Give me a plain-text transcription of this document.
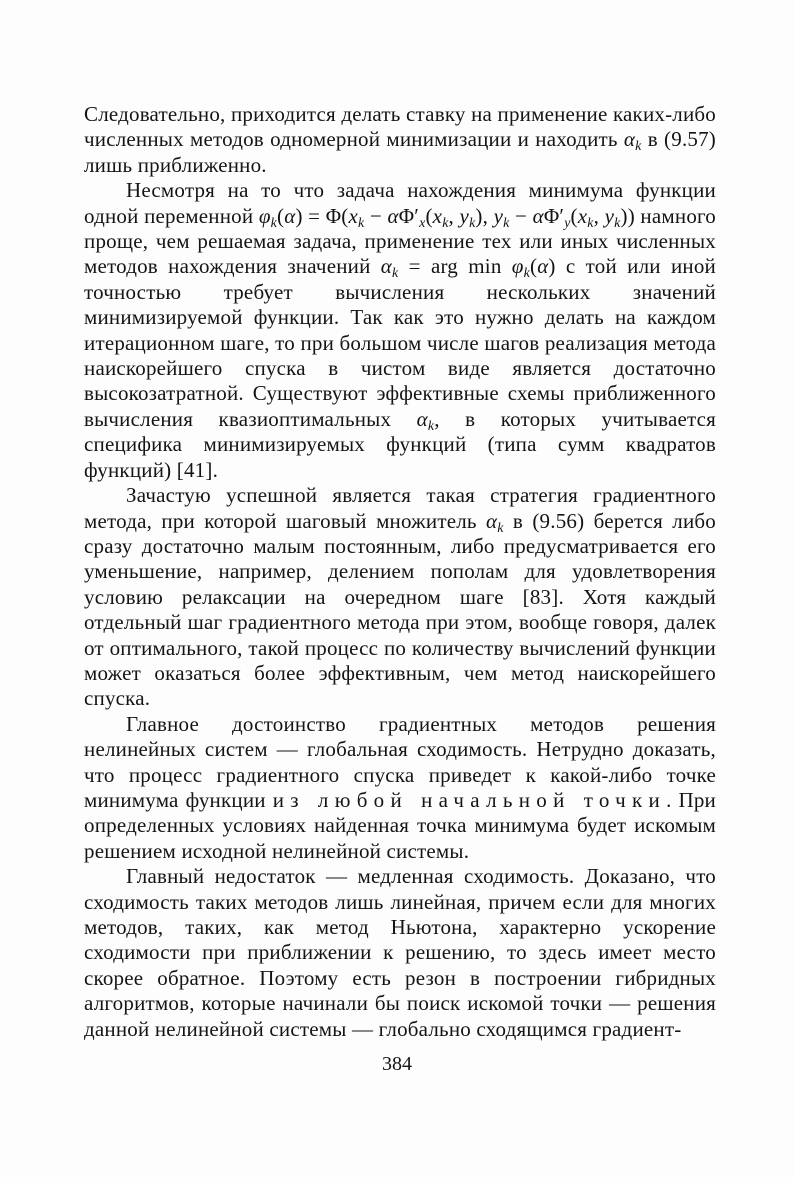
Следовательно, приходится делать ставку на применение каких-либо численных методов одномерной минимизации и находить $\alpha_k$ в (9.57) лишь приближенно.

Несмотря на то что задача нахождения минимума функции одной переменной $\varphi_k(\alpha) = \Phi(x_k - \alpha\Phi'_x(x_k$, $y_k$), $y_k - \alpha\Phi'_y(x_k$, $y_k$)) намного проще, чем решаемая задача, применение тех или иных численных методов нахождения значений $\alpha_k$ = arg $\min \varphi_k(\alpha)$ с той или иной точностью требует вычисления нескольких значений минимизируемой функции. Так как это нужно делать на каждом итерационном шаге, то при большом числе шагов реализация метода наискорейшего спуска в чистом виде является достаточно высокозатратной. Существуют эффективные схемы приближенного вычисления квазиоптимальных $\alpha_k$, в которых учитывается специфика минимизируемых функций (типа сумм квадратов функций) [41].

Зачастую успешной является такая стратегия градиентного метода, при которой шаговый множитель $\alpha_k$ в (9.56) берется либо сразу достаточно малым постоянным, либо предусматривается его уменьшение, например, делением пополам для удовлетворения условию релаксации на очередном шаге [83]. Хотя каждый отдельный шаг градиентного метода при этом, вообще говоря, далек от оптимального, такой процесс по количеству вычислений функции может оказаться более эффективным, чем метод наискорейшего спуска.

Главное достоинство градиентных методов решения нелинейных систем — глобальная сходимость. Нетрудно доказать, что процесс градиентного спуска приведет к какой-либо точке минимума функции из любой начальной точки. При определенных условиях найденная точка минимума будет искомым решением исходной нелинейной системы.

Главный недостаток — медленная сходимость. Доказано, что сходимость таких методов лишь линейная, причем если для многих методов, таких, как метод Ньютона, характерно ускорение сходимости при приближении к решению, то здесь имеет место скорее обратное. Поэтому есть резон в построении гибридных алгоритмов, которые начинали бы поиск искомой точки — решения данной нелинейной системы — глобально сходящимся градиент-

384
